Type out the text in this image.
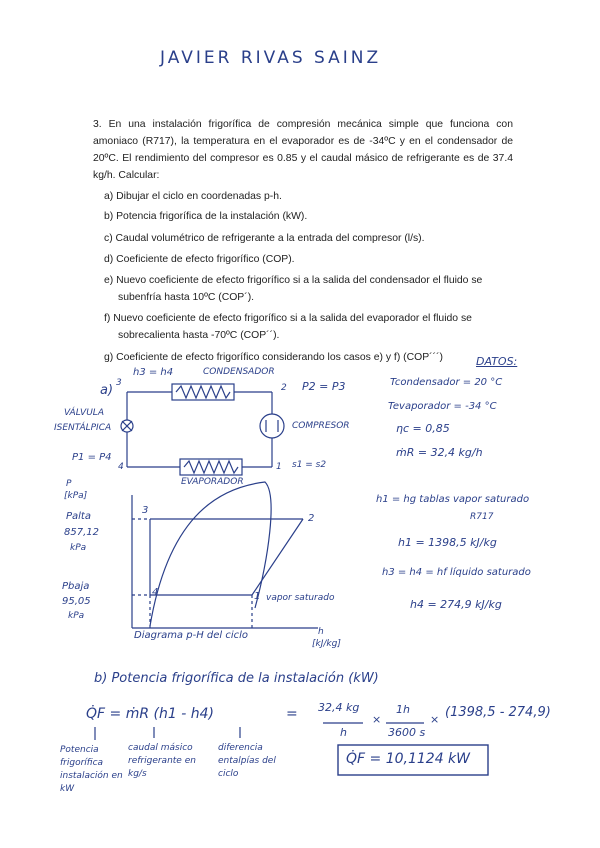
JAVIER RIVAS SAINZ
3. En una instalación frigorífica de compresión mecánica simple que funciona con amoniaco (R717), la temperatura en el evaporador es de -34ºC y en el condensador de 20ºC. El rendimiento del compresor es 0.85 y el caudal másico de refrigerante es de 37.4 kg/h. Calcular:
a) Dibujar el ciclo en coordenadas p-h.
b) Potencia frigorífica de la instalación (kW).
c) Caudal volumétrico de refrigerante a la entrada del compresor (l/s).
d) Coeficiente de efecto frigorífico (COP).
e) Nuevo coeficiente de efecto frigorífico si a la salida del condensador el fluido se
subenfría hasta 10ºC (COP´).
f) Nuevo coeficiente de efecto frigorífico si a la salida del evaporador el fluido se
sobrecalienta hasta -70ºC (COP´´).
g) Coeficiente de efecto frigorífico considerando los casos e) y f) (COP´´´)
a) 3
h3 = h4	CONDENSADOR
2 P2 = P3
VÁLVULA
ISENTÁLPICA	COMPRESOR
P1 = P4
4	1 s1 = s2
EVAPORADOR
DATOS:
Tcondensador = 20 °C
Tevaporador = -34 °C
ηc = 0,85
ṁR = 32,4 kg/h
P
[kPa]
Palta
857,12
kPa
Pbaja
95,05
kPa
3
2
4	1 vapor saturado
h
[kJ/kg]
Diagrama p-H del ciclo
h1 = hg tablas vapor saturado
R717
h1 = 1398,5 kJ/kg
h3 = h4 = hf líquido saturado
h4 = 274,9 kJ/kg
b) Potencia frigorífica de la instalación (kW)
Q̇F = ṁR (h1 - h4)	= 32,4 kg
h
×
1h
3600 s
× (1398,5 - 274,9)
Q̇F = 10,1124 kW
Potencia frigorífica instalación en kW
caudal másico refrigerante en kg/s
diferencia entalpías del ciclo
